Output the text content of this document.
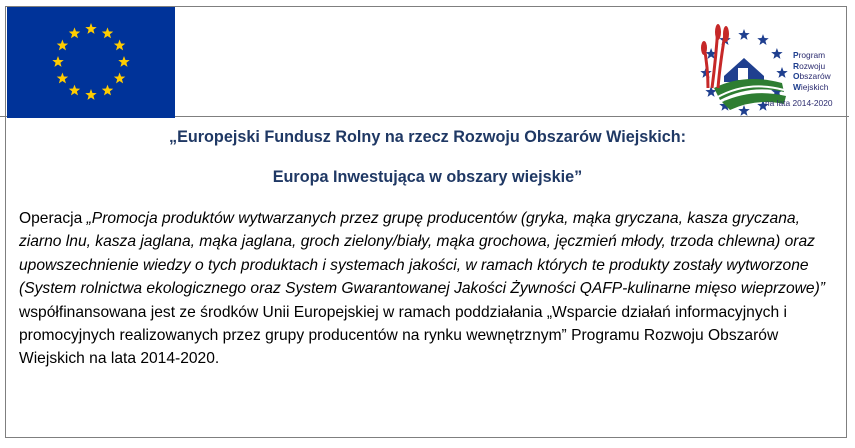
Program
Rozwoju
Obszarów
Wiejskich
na lata 2014-2020
„Europejski Fundusz Rolny na rzecz Rozwoju Obszarów Wiejskich:
Europa Inwestująca w obszary wiejskie”
Operacja „Promocja produktów wytwarzanych przez grupę producentów (gryka, mąka gryczana, kasza gryczana, ziarno lnu, kasza jaglana, mąka jaglana, groch zielony/biały, mąka grochowa, jęczmień młody, trzoda chlewna) oraz upowszechnienie wiedzy o tych produktach i systemach jakości, w ramach których te produkty zostały wytworzone (System rolnictwa ekologicznego oraz System Gwarantowanej Jakości Żywności QAFP-kulinarne mięso wieprzowe)” współfinansowana jest ze środków Unii Europejskiej w ramach poddziałania „Wsparcie działań informacyjnych i promocyjnych realizowanych przez grupy producentów na rynku wewnętrznym” Programu Rozwoju Obszarów Wiejskich na lata 2014-2020.
